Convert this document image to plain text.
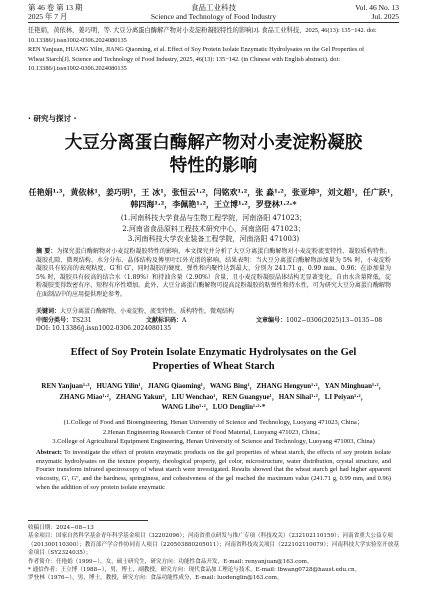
第 46 卷 第 13 期
2025 年 7 月
食品工业科技
Science and Technology of Food Industry
Vol. 46 No. 13
Jul. 2025
任艳娟，黄依林，姜巧明，等. 大豆分离蛋白酶解产物对小麦淀粉凝胶特性的影响[J]. 食品工业科技，2025, 46(13): 135−142. doi:
10.13386/j.issn1002-0306.2024080135
REN Yanjuan, HUANG Yilin, JIANG Qiaoming, et al. Effect of Soy Protein Isolate Enzymatic Hydrolysates on the Gel Properties of
Wheat Starch[J]. Science and Technology of Food Industry, 2025, 46(13): 135−142. (in Chinese with English abstract). doi:
10.13386/j.issn1002-0306.2024080135
· 研究与探讨 ·
大豆分离蛋白酶解产物对小麦淀粉凝胶
特性的影响
任艳娟¹·³，黄依林¹，姜巧明¹，王 冰¹，张恒云¹·²，闫铭欢¹·²，张 淼¹·²，张亚坤³，刘文超¹，任广跃¹，
韩四海¹·²，李佩艳¹·²，王立博¹·²，罗登林¹·²·*
(1.河南科技大学食品与生物工程学院，河南洛阳 471023；
2.河南省食品原料工程技术研究中心，河南洛阳 471023；
3.河南科技大学农业装备工程学院，河南洛阳 471003)
摘 要：为探究蛋白酶解物对小麦淀粉凝胶特性的影响，本文探究并分析了大豆分离蛋白酶解物对小麦淀粉流变特性、凝胶质构特性、凝胶孔隙、微观结构、水分分布、晶体结构及傅里叶红外光谱的影响。结果表明：当大豆分离蛋白酶解物添加量为 5% 时，小麦淀粉凝胶具有较高的表观粘度、G′和 G″，同时凝胶的硬度、弹性和内聚性达到最大，分别为 241.71 g、0.99 mm、0.96；在添加量为 5% 时，凝胶具有较高的结合水（1.89%）和持油含量（2.90%）含量，且小麦淀粉凝胶晶体结构无显著变化，自由水含量降低，淀粉凝胶变得致密有序，短程有序性增加。此外，大豆分离蛋白酶解物可提高淀粉凝胶的粘弹性和持水性，可为研究大豆分离蛋白酶解物在面制品中的应用提供理论参考。
关键词：大豆分离蛋白酶解物，小麦淀粉，流变特性，质构特性，微观结构
中图分类号：TS231	文献标识码：A	文章编号：1002−0306(2025)13−0135−08
DOI: 10.13386/j.issn1002-0306.2024080135
Effect of Soy Protein Isolate Enzymatic Hydrolysates on the Gel
Properties of Wheat Starch
REN Yanjuan¹·³，HUANG Yilin¹，JIANG Qiaoming¹，WANG Bing¹，ZHANG Hengyun¹·²，YAN Minghuan¹·²，
ZHANG Miao¹·²，ZHANG Yakun³，LIU Wenchao¹，REN Guangyue¹，HAN Sihai¹·²，LI Peiyan¹·²，
WANG Libo¹·²，LUO Denglin¹·²·*
(1.College of Food and Bioengineering, Henan University of Science and Technology, Luoyang 471023, China；
2.Henan Engineering Research Center of Food Material, Luoyang 471023, China；
3.College of Agricultural Equipment Engineering, Henan University of Science and Technology, Luoyang 471003, China)
Abstract: To investigate the effect of protein enzymatic products on the gel properties of wheat starch, the effects of soy protein isolate enzymatic hydrolysates on the texture property, rheological property, gel color, microstructure, water distribution, crystal structure, and Fourier transform infrared spectroscopy of wheat starch were investigated. Results showed that the wheat starch gel had higher apparent viscosity, G′, G″, and the hardness, springiness, and cohesiveness of the gel reached the maximum value (241.71 g, 0.99 mm, and 0.96) when the addition of soy protein isolate enzymatic
收稿日期：2024−08−13
基金项目：国家自然科学基金青年科学基金项目（32202096）；河南省重点研发与推广专项（科技攻关）（232102110159）；河南省重大公益专项
（201300110300）；教育部产学合作协同育人项目（220503880205011）；河南省科技攻关项目（222102110079）；河南科技大学实验室开放基金项目（SY2324035）；
作者简介：任艳娟（1999−），女，硕士研究生，研究方向：功能性食品开发，E-mail: renyanjuan@163.com。
* 通信作者：王立博（1988−），男，博士，副教授，研究方向：现代食品加工理论与技术，E-mail: lbwang0728@haust.edu.cn。
罗登林（1976−），男，博士，教授，研究方向：食品功能性成分，E-mail: luodenglin@163.com。
